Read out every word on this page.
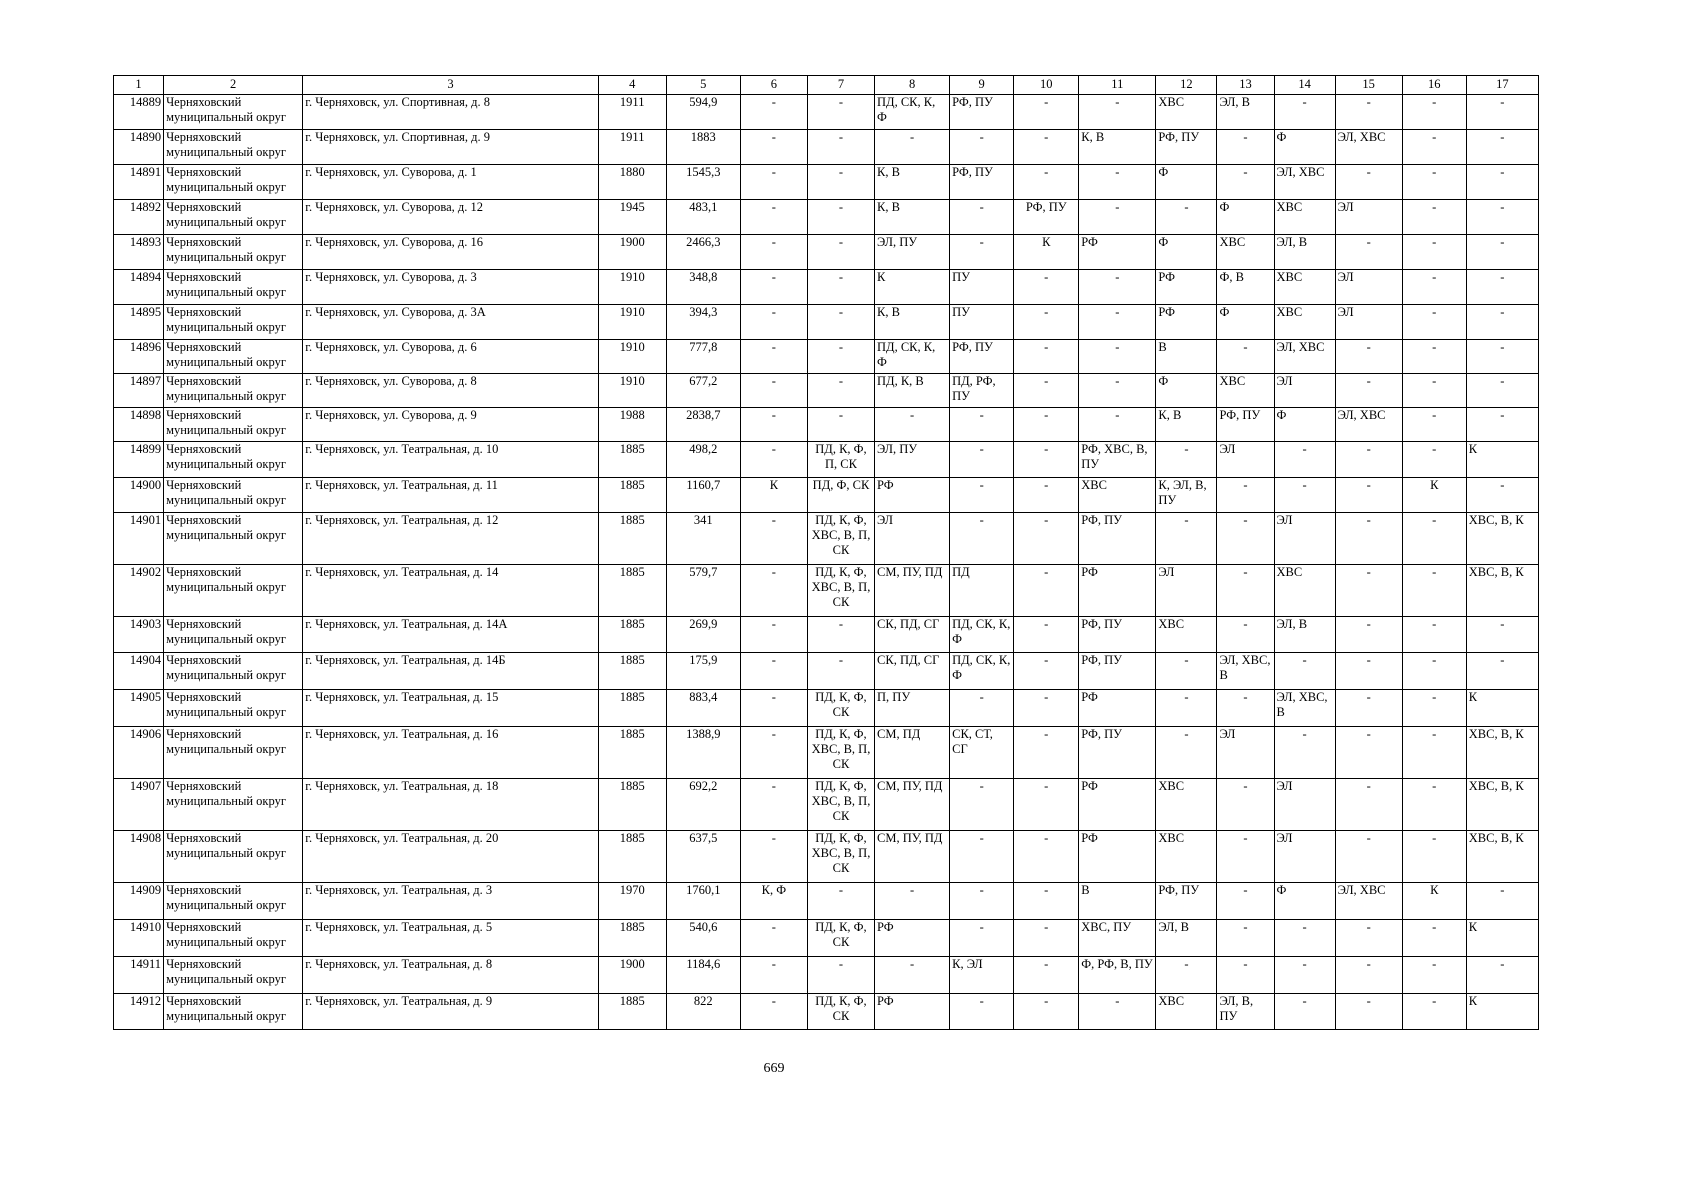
1	2	3	4	5	6	7	8	9	10	11	12	13	14	15	16	17
14889	Черняховский муниципальный округ	г. Черняховск, ул. Спортивная, д. 8	1911	594,9	-	-	ПД, СК, К, Ф	РФ, ПУ	-	-	ХВС	ЭЛ, В	-	-	-	-
14890	Черняховский муниципальный округ	г. Черняховск, ул. Спортивная, д. 9	1911	1883	-	-	-	-	-	К, В	РФ, ПУ	-	Ф	ЭЛ, ХВС	-	-
14891	Черняховский муниципальный округ	г. Черняховск, ул. Суворова, д. 1	1880	1545,3	-	-	К, В	РФ, ПУ	-	-	Ф	-	ЭЛ, ХВС	-	-	-
14892	Черняховский муниципальный округ	г. Черняховск, ул. Суворова, д. 12	1945	483,1	-	-	К, В	-	РФ, ПУ	-	-	Ф	ХВС	ЭЛ	-	-
14893	Черняховский муниципальный округ	г. Черняховск, ул. Суворова, д. 16	1900	2466,3	-	-	ЭЛ, ПУ	-	К	РФ	Ф	ХВС	ЭЛ, В	-	-	-
14894	Черняховский муниципальный округ	г. Черняховск, ул. Суворова, д. 3	1910	348,8	-	-	К	ПУ	-	-	РФ	Ф, В	ХВС	ЭЛ	-	-
14895	Черняховский муниципальный округ	г. Черняховск, ул. Суворова, д. 3А	1910	394,3	-	-	К, В	ПУ	-	-	РФ	Ф	ХВС	ЭЛ	-	-
14896	Черняховский муниципальный округ	г. Черняховск, ул. Суворова, д. 6	1910	777,8	-	-	ПД, СК, К, Ф	РФ, ПУ	-	-	В	-	ЭЛ, ХВС	-	-	-
14897	Черняховский муниципальный округ	г. Черняховск, ул. Суворова, д. 8	1910	677,2	-	-	ПД, К, В	ПД, РФ, ПУ	-	-	Ф	ХВС	ЭЛ	-	-	-
14898	Черняховский муниципальный округ	г. Черняховск, ул. Суворова, д. 9	1988	2838,7	-	-	-	-	-	-	К, В	РФ, ПУ	Ф	ЭЛ, ХВС	-	-
14899	Черняховский муниципальный округ	г. Черняховск, ул. Театральная, д. 10	1885	498,2	-	ПД, К, Ф, П, СК	ЭЛ, ПУ	-	-	РФ, ХВС, В, ПУ	-	ЭЛ	-	-	-	К
14900	Черняховский муниципальный округ	г. Черняховск, ул. Театральная, д. 11	1885	1160,7	К	ПД, Ф, СК	РФ	-	-	ХВС	К, ЭЛ, В, ПУ	-	-	-	К	-
14901	Черняховский муниципальный округ	г. Черняховск, ул. Театральная, д. 12	1885	341	-	ПД, К, Ф, ХВС, В, П, СК	ЭЛ	-	-	РФ, ПУ	-	-	ЭЛ	-	-	ХВС, В, К
14902	Черняховский муниципальный округ	г. Черняховск, ул. Театральная, д. 14	1885	579,7	-	ПД, К, Ф, ХВС, В, П, СК	СМ, ПУ, ПД	ПД	-	РФ	ЭЛ	-	ХВС	-	-	ХВС, В, К
14903	Черняховский муниципальный округ	г. Черняховск, ул. Театральная, д. 14А	1885	269,9	-	-	СК, ПД, СГ	ПД, СК, К, Ф	-	РФ, ПУ	ХВС	-	ЭЛ, В	-	-	-
14904	Черняховский муниципальный округ	г. Черняховск, ул. Театральная, д. 14Б	1885	175,9	-	-	СК, ПД, СГ	ПД, СК, К, Ф	-	РФ, ПУ	-	ЭЛ, ХВС, В	-	-	-	-
14905	Черняховский муниципальный округ	г. Черняховск, ул. Театральная, д. 15	1885	883,4	-	ПД, К, Ф, СК	П, ПУ	-	-	РФ	-	-	ЭЛ, ХВС, В	-	-	К
14906	Черняховский муниципальный округ	г. Черняховск, ул. Театральная, д. 16	1885	1388,9	-	ПД, К, Ф, ХВС, В, П, СК	СМ, ПД	СК, СТ, СГ	-	РФ, ПУ	-	ЭЛ	-	-	-	ХВС, В, К
14907	Черняховский муниципальный округ	г. Черняховск, ул. Театральная, д. 18	1885	692,2	-	ПД, К, Ф, ХВС, В, П, СК	СМ, ПУ, ПД	-	-	РФ	ХВС	-	ЭЛ	-	-	ХВС, В, К
14908	Черняховский муниципальный округ	г. Черняховск, ул. Театральная, д. 20	1885	637,5	-	ПД, К, Ф, ХВС, В, П, СК	СМ, ПУ, ПД	-	-	РФ	ХВС	-	ЭЛ	-	-	ХВС, В, К
14909	Черняховский муниципальный округ	г. Черняховск, ул. Театральная, д. 3	1970	1760,1	К, Ф	-	-	-	-	В	РФ, ПУ	-	Ф	ЭЛ, ХВС	К	-
14910	Черняховский муниципальный округ	г. Черняховск, ул. Театральная, д. 5	1885	540,6	-	ПД, К, Ф, СК	РФ	-	-	ХВС, ПУ	ЭЛ, В	-	-	-	-	К
14911	Черняховский муниципальный округ	г. Черняховск, ул. Театральная, д. 8	1900	1184,6	-	-	-	К, ЭЛ	-	Ф, РФ, В, ПУ	-	-	-	-	-	-
14912	Черняховский муниципальный округ	г. Черняховск, ул. Театральная, д. 9	1885	822	-	ПД, К, Ф, СК	РФ	-	-	-	ХВС	ЭЛ, В, ПУ	-	-	-	К
669
